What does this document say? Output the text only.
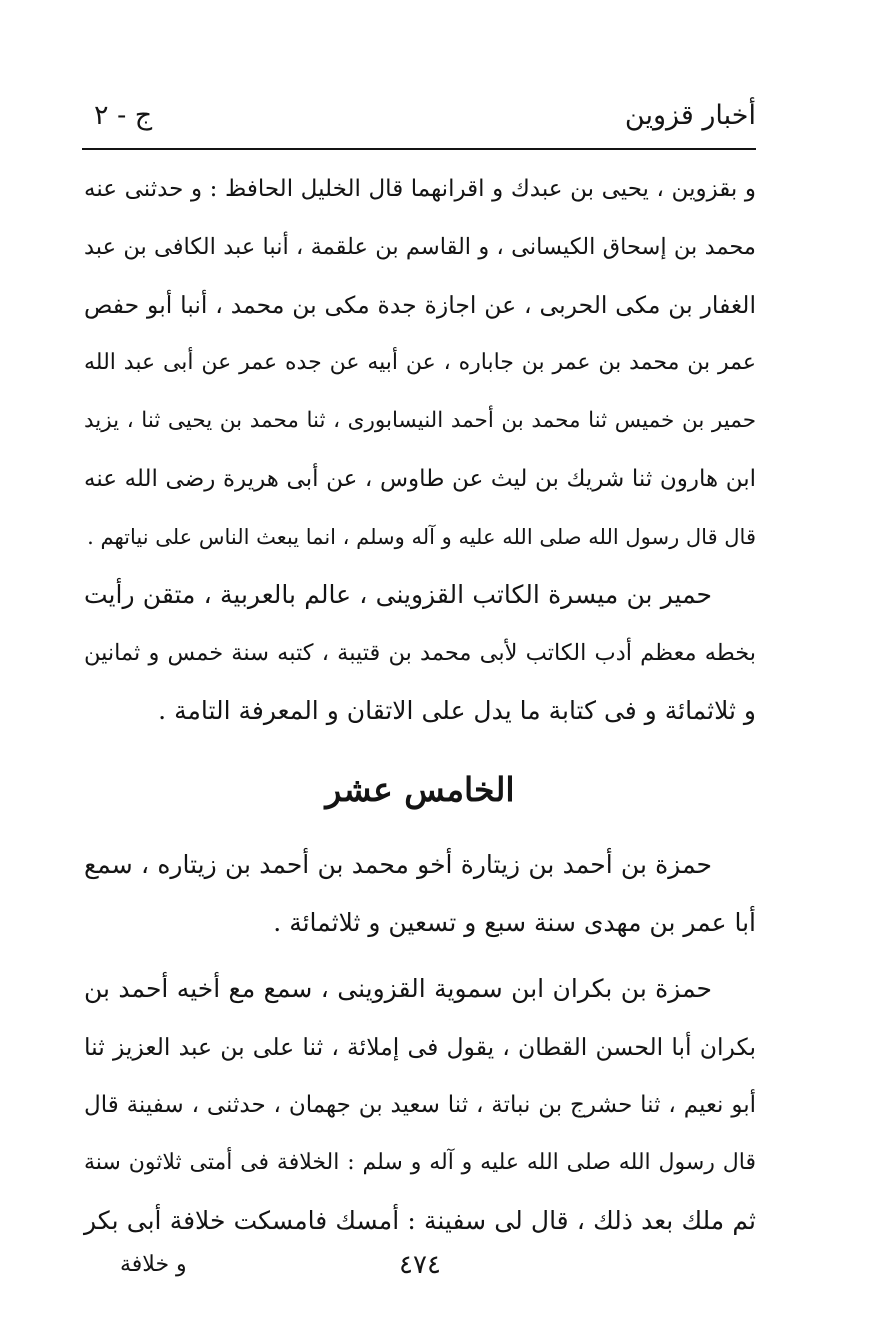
أخبار قزوين
ج - ٢
و بقزوين ، يحيى بن عبدك و اقرانهما قال الخليل الحافظ : و حدثنى عنه
محمد بن إسحاق الكيسانى ، و القاسم بن علقمة ، أنبا عبد الكافى بن عبد
الغفار بن مكى الحربى ، عن اجازة جدة مكى بن محمد ، أنبا أبو حفص
عمر بن محمد بن عمر بن جاباره ، عن أبيه عن جده عمر عن أبى عبد الله
حمير بن خميس ثنا محمد بن أحمد النيسابورى ، ثنا محمد بن يحيى ثنا ، يزيد
ابن هارون ثنا شريك بن ليث عن طاوس ، عن أبى هريرة رضى الله عنه
قال قال رسول الله صلى الله عليه و آله وسلم ، انما يبعث الناس على نياتهم .
حمير بن ميسرة الكاتب القزوينى ، عالم بالعربية ، متقن رأيت
بخطه معظم أدب الكاتب لأبى محمد بن قتيبة ، كتبه سنة خمس و ثمانين
و ثلاثمائة و فى كتابة ما يدل على الاتقان و المعرفة التامة .
الخامس عشر
حمزة بن أحمد بن زيتارة أخو محمد بن أحمد بن زيتاره ، سمع
أبا عمر بن مهدى سنة سبع و تسعين و ثلاثمائة .
حمزة بن بكران ابن سموية القزوينى ، سمع مع أخيه أحمد بن
بكران أبا الحسن القطان ، يقول فى إملائة ، ثنا على بن عبد العزيز ثنا
أبو نعيم ، ثنا حشرج بن نباتة ، ثنا سعيد بن جهمان ، حدثنى ، سفينة قال
قال رسول الله صلى الله عليه و آله و سلم : الخلافة فى أمتى ثلاثون سنة
ثم ملك بعد ذلك ، قال لى سفينة : أمسك فامسكت خلافة أبى بكر
٤٧٤
و خلافة
